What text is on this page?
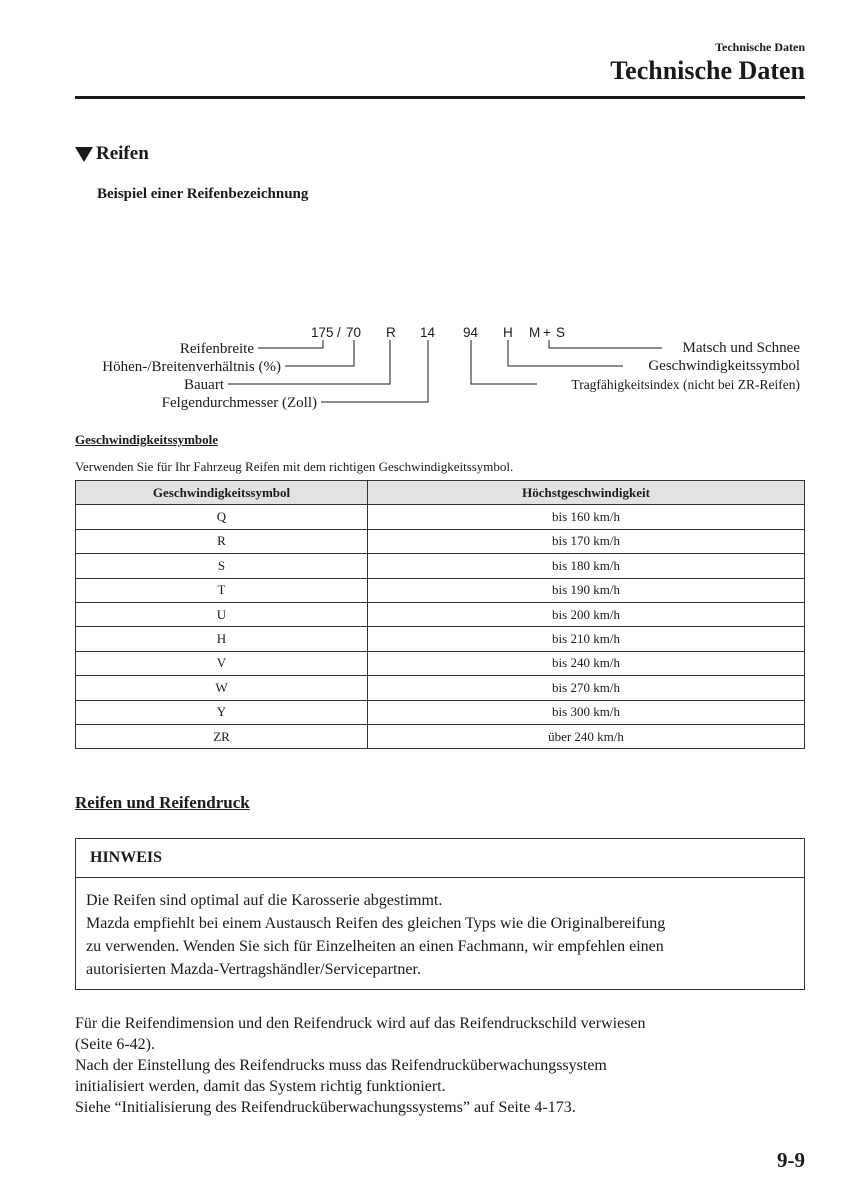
Technische Daten
Technische Daten
Reifen
Beispiel einer Reifenbezeichnung
175 / 70 R 14 94 H M + S
Reifenbreite
Höhen-/Breitenverhältnis (%)
Bauart
Felgendurchmesser (Zoll)
Matsch und Schnee
Geschwindigkeitssymbol
Tragfähigkeitsindex (nicht bei ZR-Reifen)
Geschwindigkeitssymbole
Verwenden Sie für Ihr Fahrzeug Reifen mit dem richtigen Geschwindigkeitssymbol.
Geschwindigkeitssymbol	Höchstgeschwindigkeit
Q	bis 160 km/h
R	bis 170 km/h
S	bis 180 km/h
T	bis 190 km/h
U	bis 200 km/h
H	bis 210 km/h
V	bis 240 km/h
W	bis 270 km/h
Y	bis 300 km/h
ZR	über 240 km/h
Reifen und Reifendruck
HINWEIS
Die Reifen sind optimal auf die Karosserie abgestimmt.
Mazda empfiehlt bei einem Austausch Reifen des gleichen Typs wie die Originalbereifung
zu verwenden. Wenden Sie sich für Einzelheiten an einen Fachmann, wir empfehlen einen
autorisierten Mazda-Vertragshändler/Servicepartner.
Für die Reifendimension und den Reifendruck wird auf das Reifendruckschild verwiesen
(Seite 6-42).
Nach der Einstellung des Reifendrucks muss das Reifendrucküberwachungssystem
initialisiert werden, damit das System richtig funktioniert.
Siehe “Initialisierung des Reifendrucküberwachungssystems” auf Seite 4-173.
9-9
